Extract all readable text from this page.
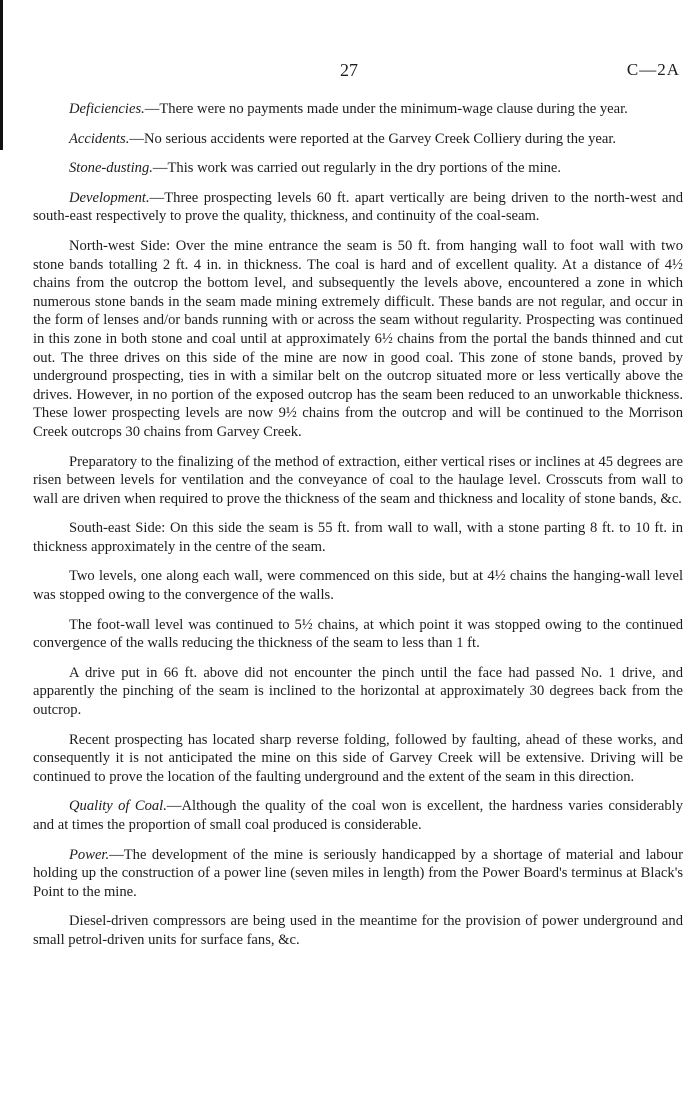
27	C—2A

Deficiencies.—There were no payments made under the minimum-wage clause during the year.

Accidents.—No serious accidents were reported at the Garvey Creek Colliery during the year.

Stone-dusting.—This work was carried out regularly in the dry portions of the mine.

Development.—Three prospecting levels 60 ft. apart vertically are being driven to the north-west and south-east respectively to prove the quality, thickness, and continuity of the coal-seam.

North-west Side: Over the mine entrance the seam is 50 ft. from hanging wall to foot wall with two stone bands totalling 2 ft. 4 in. in thickness. The coal is hard and of excellent quality. At a distance of 4½ chains from the outcrop the bottom level, and subsequently the levels above, encountered a zone in which numerous stone bands in the seam made mining extremely difficult. These bands are not regular, and occur in the form of lenses and/or bands running with or across the seam without regularity. Prospecting was continued in this zone in both stone and coal until at approximately 6½ chains from the portal the bands thinned and cut out. The three drives on this side of the mine are now in good coal. This zone of stone bands, proved by underground prospecting, ties in with a similar belt on the outcrop situated more or less vertically above the drives. However, in no portion of the exposed outcrop has the seam been reduced to an unworkable thickness. These lower prospecting levels are now 9½ chains from the outcrop and will be continued to the Morrison Creek outcrops 30 chains from Garvey Creek.

Preparatory to the finalizing of the method of extraction, either vertical rises or inclines at 45 degrees are risen between levels for ventilation and the conveyance of coal to the haulage level. Crosscuts from wall to wall are driven when required to prove the thickness of the seam and thickness and locality of stone bands, &c.

South-east Side: On this side the seam is 55 ft. from wall to wall, with a stone parting 8 ft. to 10 ft. in thickness approximately in the centre of the seam.

Two levels, one along each wall, were commenced on this side, but at 4½ chains the hanging-wall level was stopped owing to the convergence of the walls.

The foot-wall level was continued to 5½ chains, at which point it was stopped owing to the continued convergence of the walls reducing the thickness of the seam to less than 1 ft.

A drive put in 66 ft. above did not encounter the pinch until the face had passed No. 1 drive, and apparently the pinching of the seam is inclined to the horizontal at approximately 30 degrees back from the outcrop.

Recent prospecting has located sharp reverse folding, followed by faulting, ahead of these works, and consequently it is not anticipated the mine on this side of Garvey Creek will be extensive. Driving will be continued to prove the location of the faulting underground and the extent of the seam in this direction.

Quality of Coal.—Although the quality of the coal won is excellent, the hardness varies considerably and at times the proportion of small coal produced is considerable.

Power.—The development of the mine is seriously handicapped by a shortage of material and labour holding up the construction of a power line (seven miles in length) from the Power Board's terminus at Black's Point to the mine.

Diesel-driven compressors are being used in the meantime for the provision of power underground and small petrol-driven units for surface fans, &c.
